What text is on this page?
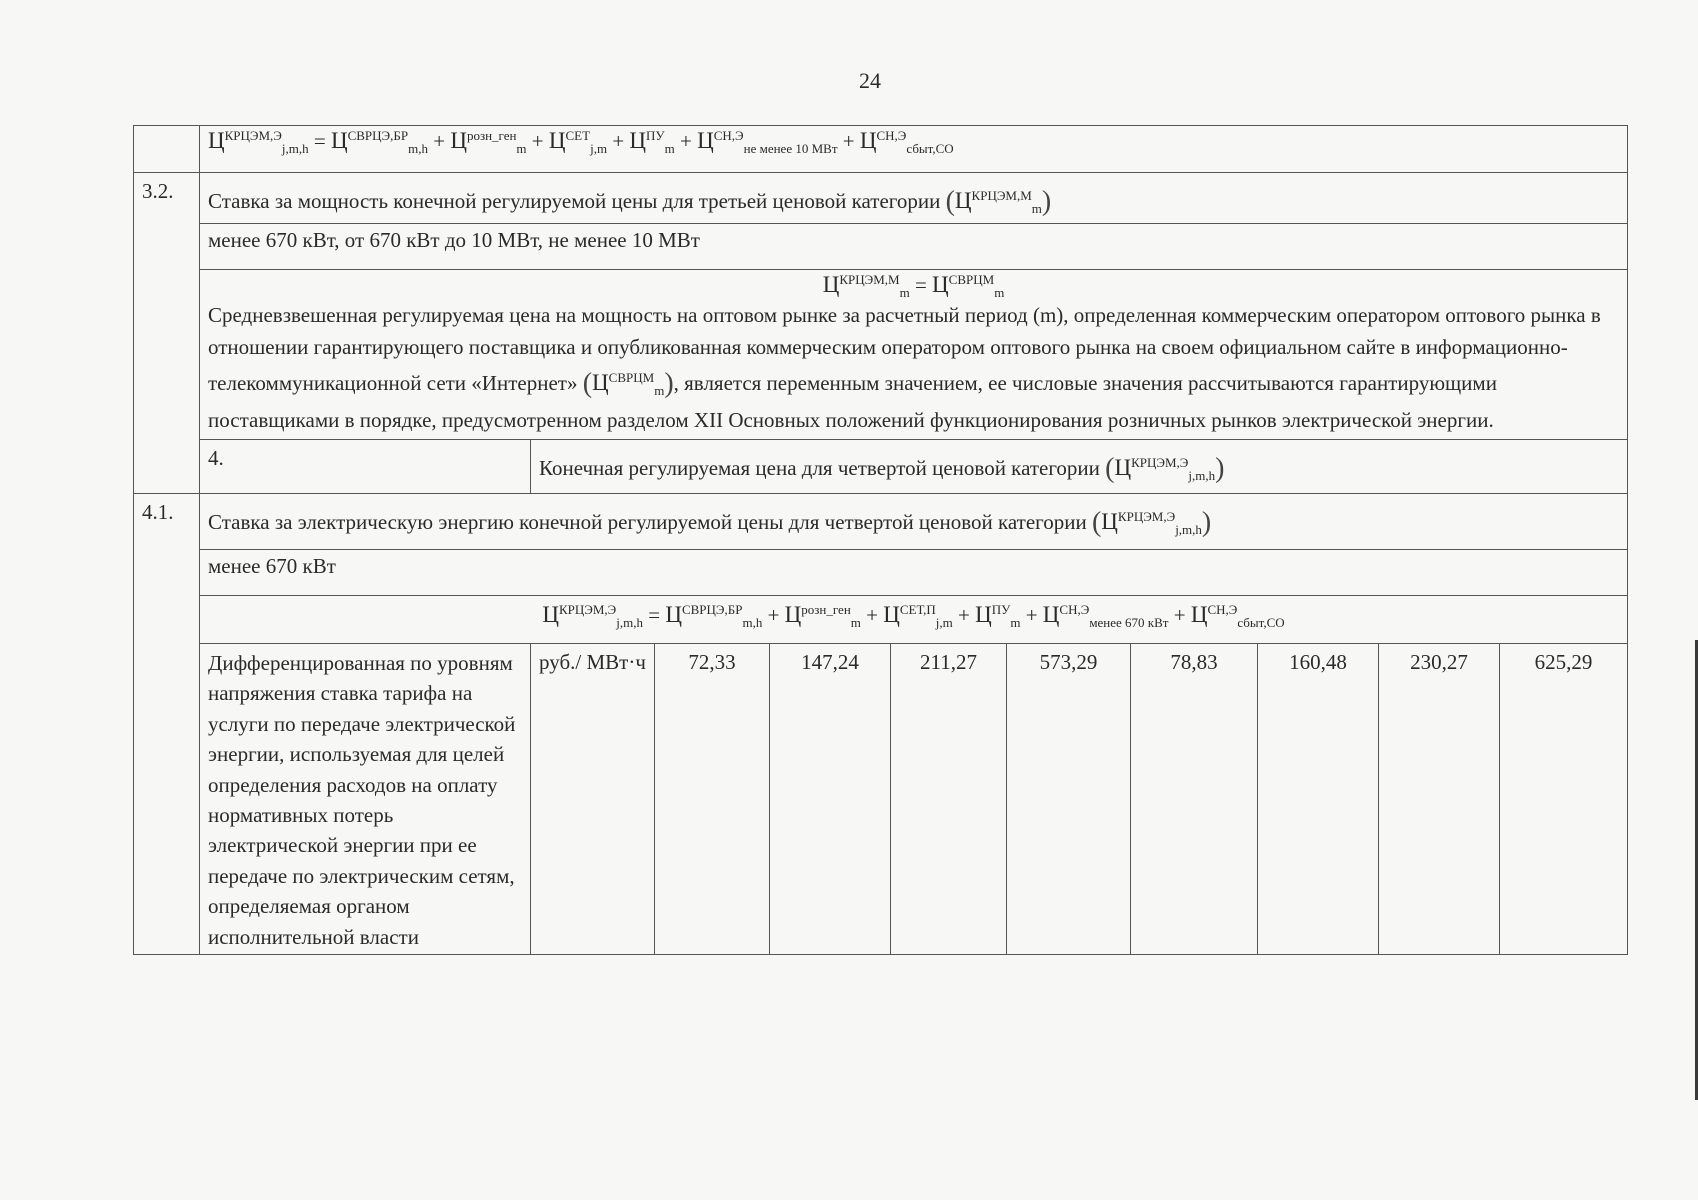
24
	$Ц^{КРЦЭМ,Э}_{j,m,h} = Ц^{СВРЦЭ,БР}_{m,h} + Ц^{розн\_ген}_m + Ц^{СЕТ}_{j,m} + Ц^{ПУ}_m + Ц^{СН,Э}_{не менее 10 МВт} + Ц^{СН,Э}_{сбыт,СО}$
3.2.	Ставка за мощность конечной регулируемой цены для третьей ценовой категории $(Ц^{КРЦЭМ,М}_m)$									
	менее 670 кВт, от 670 кВт до 10 МВт, не менее 10 МВт									

	$Ц^{КРЦЭМ,М}_m = Ц^{СВРЦМ}_m$
Средневзвешенная регулируемая цена на мощность на оптовом рынке за расчетный период (m), определенная коммерческим оператором оптового рынка в отношении гарантирующего поставщика и опубликованная коммерческим оператором оптового рынка на своем официальном сайте в информационно-телекоммуникационной сети «Интернет» $(Ц^{СВРЦМ}_m)$, является переменным значением, ее числовые значения рассчитываются гарантирующими поставщиками в порядке, предусмотренном разделом XII Основных положений функционирования розничных рынков электрической энергии.									

	4.	Конечная регулируемая цена для четвертой ценовой категории $(Ц^{КРЦЭМ,Э}_{j,m,h})$								
4.1.	Ставка за электрическую энергию конечной регулируемой цены для четвертой ценовой категории $(Ц^{КРЦЭМ,Э}_{j,m,h})$									
	менее 670 кВт									
	$Ц^{КРЦЭМ,Э}_{j,m,h} = Ц^{СВРЦЭ,БР}_{m,h} + Ц^{розн\_ген}_m + Ц^{СЕТ,П}_{j,m} + Ц^{ПУ}_m + Ц^{СН,Э}_{менее 670 кВт} + Ц^{СН,Э}_{сбыт,СО}$
	Дифференцированная по уровням напряжения ставка тарифа на услуги по передаче электрической энергии, используемая для целей определения расходов на оплату нормативных потерь электрической энергии при ее передаче по электрическим сетям, определяемая органом исполнительной власти	руб./ МВт·ч	72,33	147,24	211,27	573,29	78,83	160,48	230,27	625,29
